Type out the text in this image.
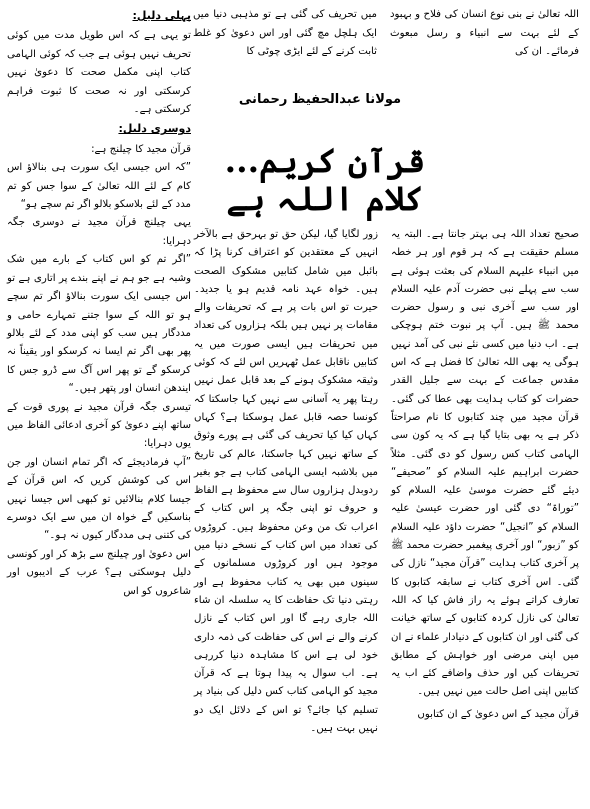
اللہ تعالیٰ نے بنی نوع انسان کی فلاح و بہبود کے لئے بہت سے انبیاء و رسل مبعوث فرمائے۔ ان کی

میں تحریف کی گئی ہے تو مذہبی دنیا میں ایک ہلچل مچ گئی اور اس دعویٰ کو غلط ثابت کرنے کے لئے ایڑی چوٹی کا

مولانا عبدالحفیظ رحمانی
قرآن کریم... کلام اللہ ہے
پہلی دلیل:

تو یہی ہے کہ اس طویل مدت میں کوئی تحریف نہیں ہوئی ہے جب کہ کوئی الہامی کتاب اپنی مکمل صحت کا دعویٰ نہیں کرسکتی اور نہ صحت کا ثبوت فراہم کرسکتی ہے۔

دوسری دلیل:

قرآن مجید کا چیلنج ہے:

”کہ اس جیسی ایک سورت ہی بنالاؤ اس کام کے لئے اللہ تعالیٰ کے سوا جس کو تم مدد کے لئے بلاسکو بلالو اگر تم سچے ہو“

یہی چیلنج قرآن مجید نے دوسری جگہ دہرایا:

”اگر تم کو اس کتاب کے بارے میں شک وشبہ ہے جو ہم نے اپنے بندے پر اتاری ہے تو اس جیسی ایک سورت بنالاؤ اگر تم سچے ہو تو اللہ کے سوا جتنے تمہارے حامی و مددگار ہیں سب کو اپنی مدد کے لئے بلالو پھر بھی اگر تم ایسا نہ کرسکو اور یقیناً نہ کرسکو گے تو پھر اس آگ سے ڈرو جس کا ایندھن انسان اور پتھر ہیں۔“

تیسری جگہ قرآن مجید نے پوری قوت کے ساتھ اپنے دعویٰ کو آخری ادعائی الفاظ میں یوں دہرایا:

”آپ فرمادیجئے کہ اگر تمام انسان اور جن اس کی کوشش کریں کہ اس قرآن کے جیسا کلام بنالائیں تو کبھی اس جیسا نہیں بناسکیں گے خواہ ان میں سے ایک دوسرے کی کتنی ہی مددگار کیوں نہ ہو۔“

اس دعویٰ اور چیلنج سے بڑھ کر اور کونسی دلیل ہوسکتی ہے؟ عرب کے ادیبوں اور شاعروں کو اس

صحیح تعداد اللہ ہی بہتر جانتا ہے۔ البتہ یہ مسلم حقیقت ہے کہ ہر قوم اور ہر خطہ میں انبیاء علیہم السلام کی بعثت ہوئی ہے سب سے پہلے نبی حضرت آدم علیہ السلام اور سب سے آخری نبی و رسول حضرت محمد ﷺ ہیں۔ آپ پر نبوت ختم ہوچکی ہے۔ اب دنیا میں کسی نئے نبی کی آمد نہیں ہوگی یہ بھی اللہ تعالیٰ کا فضل ہے کہ اس مقدس جماعت کے بہت سے جلیل القدر حضرات کو کتاب ہدایت بھی عطا کی گئی۔ قرآن مجید میں چند کتابوں کا نام صراحتاً ذکر ہے یہ بھی بتایا گیا ہے کہ یہ کون سی الہامی کتاب کس رسول کو دی گئی۔ مثلاً حضرت ابراہیم علیہ السلام کو ”صحیفے“ دیئے گئے حضرت موسیٰ علیہ السلام کو ”توراۃ“ دی گئی اور حضرت عیسیٰ علیہ السلام کو ”انجیل“ حضرت داؤد علیہ السلام کو ”زبور“ اور آخری پیغمبر حضرت محمد ﷺ پر آخری کتاب ہدایت ”قرآن مجید“ نازل کی گئی۔ اس آخری کتاب نے سابقہ کتابوں کا تعارف کراتے ہوئے یہ راز فاش کیا کہ اللہ تعالیٰ کی نازل کردہ کتابوں کے ساتھ خیانت کی گئی اور ان کتابوں کے دنیادار علماء نے ان میں اپنی مرضی اور خواہش کے مطابق تحریفات کیں اور حذف واضافے کئے اب یہ کتابیں اپنی اصل حالت میں نہیں ہیں۔

قرآن مجید کے اس دعویٰ کے ان کتابوں

زور لگایا گیا، لیکن حق تو بہرحق ہے بالآخر انہیں کے معتقدین کو اعتراف کرنا پڑا کہ بائبل میں شامل کتابیں مشکوک الصحت ہیں۔ خواہ عہد نامہ قدیم ہو یا جدید۔ حیرت تو اس بات پر ہے کہ تحریفات والے مقامات پر نہیں ہیں بلکہ ہزاروں کی تعداد میں تحریفات ہیں ایسی صورت میں یہ کتابیں ناقابل عمل ٹھہریں اس لئے کہ کوئی وثیقہ مشکوک ہونے کے بعد قابل عمل نہیں رہتا پھر یہ آسانی سے نہیں کہا جاسکتا کہ کونسا حصہ قابل عمل ہوسکتا ہے؟ کہاں کہاں کیا کیا تحریف کی گئی ہے پورے وثوق کے ساتھ نہیں کہا جاسکتا، عالم کی تاریخ میں بلاشبہ ایسی الہامی کتاب ہے جو بغیر ردوبدل ہزاروں سال سے محفوظ ہے الفاظ و حروف تو اپنی جگہ پر اس کتاب کے اعراب تک من وعن محفوظ ہیں۔ کروڑوں کی تعداد میں اس کتاب کے نسخے دنیا میں موجود ہیں اور کروڑوں مسلمانوں کے سینوں میں بھی یہ کتاب محفوظ ہے اور رہتی دنیا تک حفاظت کا یہ سلسلہ ان شاء اللہ جاری رہے گا اور اس کتاب کے نازل کرنے والے نے اس کی حفاظت کی ذمہ داری خود لی ہے اس کا مشاہدہ دنیا کررہی ہے۔ اب سوال یہ پیدا ہوتا ہے کہ قرآن مجید کو الہامی کتاب کس دلیل کی بنیاد پر تسلیم کیا جائے؟ تو اس کے دلائل ایک دو نہیں بہت ہیں۔
